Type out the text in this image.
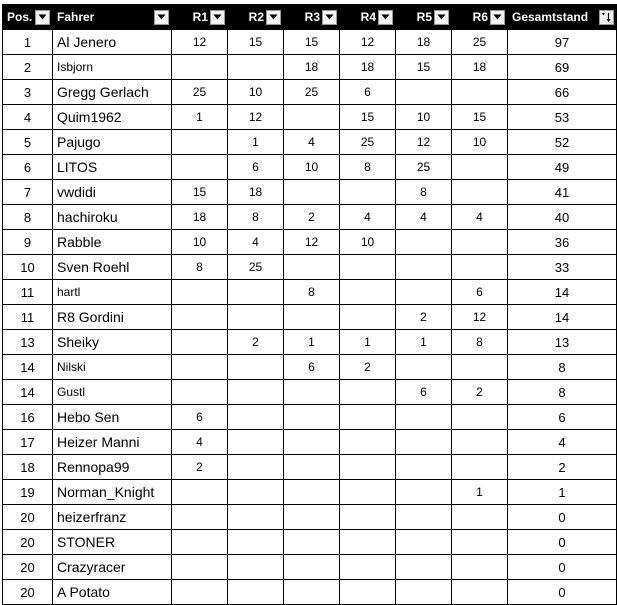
Pos.	Fahrer	R1	R2	R3	R4	R5	R6	Gesamtstand

1	Al Jenero	12	15	15	12	18	25	97
2	Isbjorn			18	18	15	18	69
3	Gregg Gerlach	25	10	25	6			66
4	Quim1962	1	12		15	10	15	53
5	Pajugo		1	4	25	12	10	52
6	LITOS		6	10	8	25		49
7	vwdidi	15	18			8		41
8	hachiroku	18	8	2	4	4	4	40
9	Rabble	10	4	12	10			36
10	Sven Roehl	8	25					33
11	hartl			8			6	14
11	R8 Gordini					2	12	14
13	Sheiky		2	1	1	1	8	13
14	Nilski			6	2			8
14	Gustl					6	2	8
16	Hebo Sen	6						6
17	Heizer Manni	4						4
18	Rennopa99	2						2
19	Norman_Knight						1	1
20	heizerfranz							0
20	STONER							0
20	Crazyracer							0
20	A Potato							0
